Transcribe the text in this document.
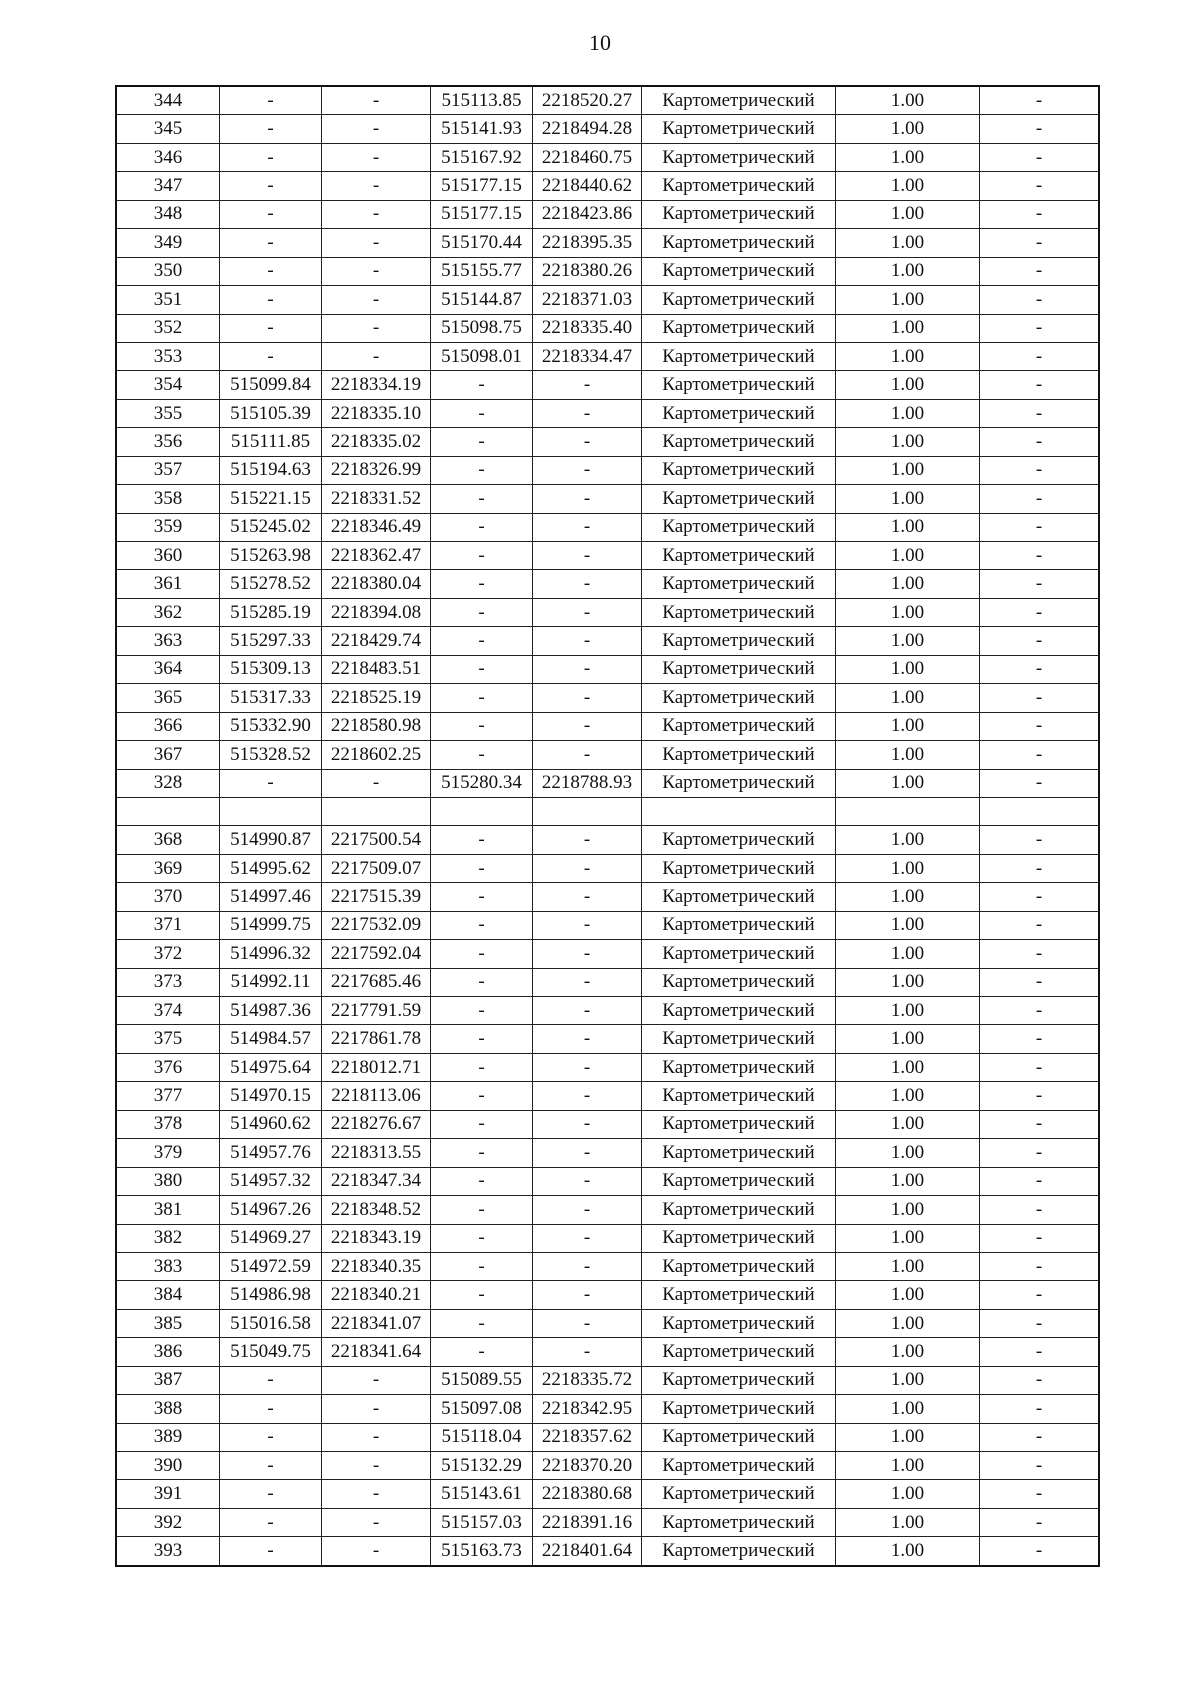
10
344	-	-	515113.85	2218520.27	Картометрический	1.00	-
345	-	-	515141.93	2218494.28	Картометрический	1.00	-
346	-	-	515167.92	2218460.75	Картометрический	1.00	-
347	-	-	515177.15	2218440.62	Картометрический	1.00	-
348	-	-	515177.15	2218423.86	Картометрический	1.00	-
349	-	-	515170.44	2218395.35	Картометрический	1.00	-
350	-	-	515155.77	2218380.26	Картометрический	1.00	-
351	-	-	515144.87	2218371.03	Картометрический	1.00	-
352	-	-	515098.75	2218335.40	Картометрический	1.00	-
353	-	-	515098.01	2218334.47	Картометрический	1.00	-
354	515099.84	2218334.19	-	-	Картометрический	1.00	-
355	515105.39	2218335.10	-	-	Картометрический	1.00	-
356	515111.85	2218335.02	-	-	Картометрический	1.00	-
357	515194.63	2218326.99	-	-	Картометрический	1.00	-
358	515221.15	2218331.52	-	-	Картометрический	1.00	-
359	515245.02	2218346.49	-	-	Картометрический	1.00	-
360	515263.98	2218362.47	-	-	Картометрический	1.00	-
361	515278.52	2218380.04	-	-	Картометрический	1.00	-
362	515285.19	2218394.08	-	-	Картометрический	1.00	-
363	515297.33	2218429.74	-	-	Картометрический	1.00	-
364	515309.13	2218483.51	-	-	Картометрический	1.00	-
365	515317.33	2218525.19	-	-	Картометрический	1.00	-
366	515332.90	2218580.98	-	-	Картометрический	1.00	-
367	515328.52	2218602.25	-	-	Картометрический	1.00	-
328	-	-	515280.34	2218788.93	Картометрический	1.00	-

368	514990.87	2217500.54	-	-	Картометрический	1.00	-
369	514995.62	2217509.07	-	-	Картометрический	1.00	-
370	514997.46	2217515.39	-	-	Картометрический	1.00	-
371	514999.75	2217532.09	-	-	Картометрический	1.00	-
372	514996.32	2217592.04	-	-	Картометрический	1.00	-
373	514992.11	2217685.46	-	-	Картометрический	1.00	-
374	514987.36	2217791.59	-	-	Картометрический	1.00	-
375	514984.57	2217861.78	-	-	Картометрический	1.00	-
376	514975.64	2218012.71	-	-	Картометрический	1.00	-
377	514970.15	2218113.06	-	-	Картометрический	1.00	-
378	514960.62	2218276.67	-	-	Картометрический	1.00	-
379	514957.76	2218313.55	-	-	Картометрический	1.00	-
380	514957.32	2218347.34	-	-	Картометрический	1.00	-
381	514967.26	2218348.52	-	-	Картометрический	1.00	-
382	514969.27	2218343.19	-	-	Картометрический	1.00	-
383	514972.59	2218340.35	-	-	Картометрический	1.00	-
384	514986.98	2218340.21	-	-	Картометрический	1.00	-
385	515016.58	2218341.07	-	-	Картометрический	1.00	-
386	515049.75	2218341.64	-	-	Картометрический	1.00	-
387	-	-	515089.55	2218335.72	Картометрический	1.00	-
388	-	-	515097.08	2218342.95	Картометрический	1.00	-
389	-	-	515118.04	2218357.62	Картометрический	1.00	-
390	-	-	515132.29	2218370.20	Картометрический	1.00	-
391	-	-	515143.61	2218380.68	Картометрический	1.00	-
392	-	-	515157.03	2218391.16	Картометрический	1.00	-
393	-	-	515163.73	2218401.64	Картометрический	1.00	-
